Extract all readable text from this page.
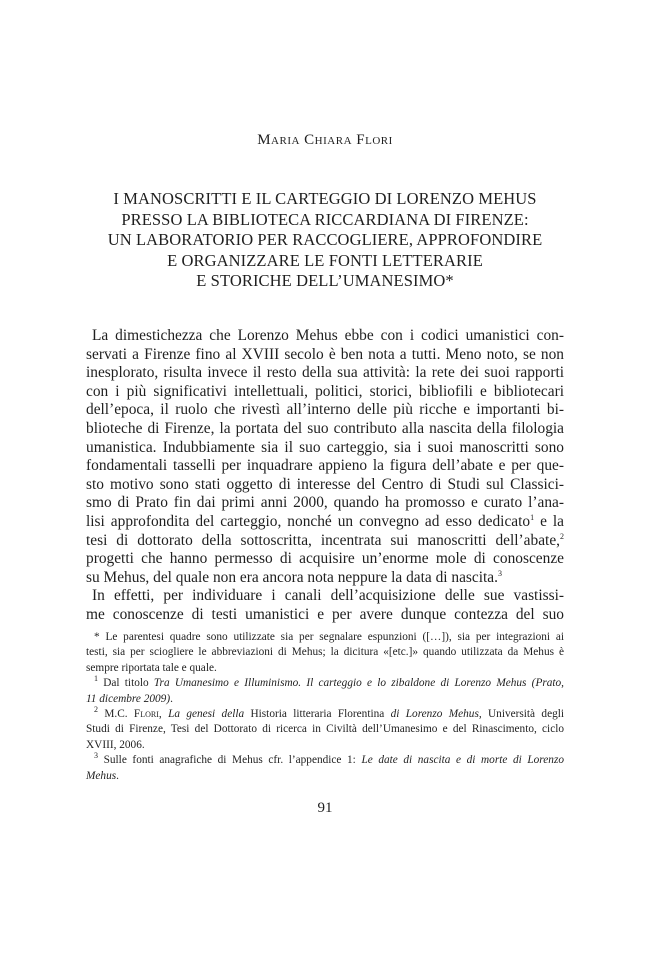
Maria Chiara Flori
I MANOSCRITTI E IL CARTEGGIO DI LORENZO MEHUS
PRESSO LA BIBLIOTECA RICCARDIANA DI FIRENZE:
UN LABORATORIO PER RACCOGLIERE, APPROFONDIRE
E ORGANIZZARE LE FONTI LETTERARIE
E STORICHE DELL’UMANESIMO*

La dimestichezza che Lorenzo Mehus ebbe con i codici umanistici con-
servati a Firenze fino al XVIII secolo è ben nota a tutti. Meno noto, se non
inesplorato, risulta invece il resto della sua attività: la rete dei suoi rapporti
con i più significativi intellettuali, politici, storici, bibliofili e bibliotecari
dell’epoca, il ruolo che rivestì all’interno delle più ricche e importanti bi-
blioteche di Firenze, la portata del suo contributo alla nascita della filologia
umanistica. Indubbiamente sia il suo carteggio, sia i suoi manoscritti sono
fondamentali tasselli per inquadrare appieno la figura dell’abate e per que-
sto motivo sono stati oggetto di interesse del Centro di Studi sul Classici-
smo di Prato fin dai primi anni 2000, quando ha promosso e curato l’ana-
lisi approfondita del carteggio, nonché un convegno ad esso dedicato$^1$ e la
tesi di dottorato della sottoscritta, incentrata sui manoscritti dell’abate,$^2$
progetti che hanno permesso di acquisire un’enorme mole di conoscenze
su Mehus, del quale non era ancora nota neppure la data di nascita.$^3$

In effetti, per individuare i canali dell’acquisizione delle sue vastissi-
me conoscenze di testi umanistici e per avere dunque contezza del suo

* Le parentesi quadre sono utilizzate sia per segnalare espunzioni ([…]), sia per integrazioni ai
testi, sia per sciogliere le abbreviazioni di Mehus; la dicitura «[etc.]» quando utilizzata da Mehus è
sempre riportata tale e quale.
$^1$ Dal titolo Tra Umanesimo e Illuminismo. Il carteggio e lo zibaldone di Lorenzo Mehus (Prato,
11 dicembre 2009).
$^2$ M.C. Flori, La genesi della Historia litteraria Florentina di Lorenzo Mehus, Università degli
Studi di Firenze, Tesi del Dottorato di ricerca in Civiltà dell’Umanesimo e del Rinascimento, ciclo
XVIII, 2006.
$^3$ Sulle fonti anagrafiche di Mehus cfr. l’appendice 1: Le date di nascita e di morte di Lorenzo
Mehus.
91
